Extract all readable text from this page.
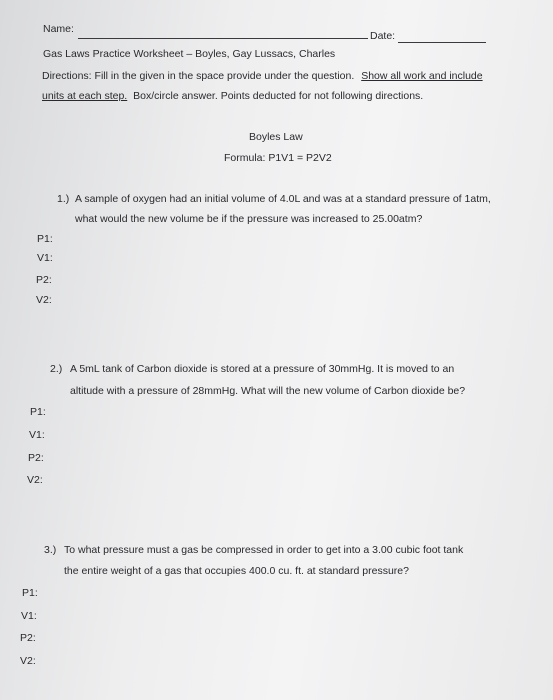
Name:
Date:
Gas Laws Practice Worksheet – Boyles, Gay Lussacs, Charles
Directions: Fill in the given in the space provide under the question. Show all work and include
units at each step. Box/circle answer. Points deducted for not following directions.
Boyles Law
Formula: P1V1 = P2V2
1.) A sample of oxygen had an initial volume of 4.0L and was at a standard pressure of 1atm,
what would the new volume be if the pressure was increased to 25.00atm?
P1:
V1:
P2:
V2:
2.) A 5mL tank of Carbon dioxide is stored at a pressure of 30mmHg. It is moved to an
altitude with a pressure of 28mmHg. What will the new volume of Carbon dioxide be?
P1:
V1:
P2:
V2:
3.) To what pressure must a gas be compressed in order to get into a 3.00 cubic foot tank
the entire weight of a gas that occupies 400.0 cu. ft. at standard pressure?
P1:
V1:
P2:
V2:
